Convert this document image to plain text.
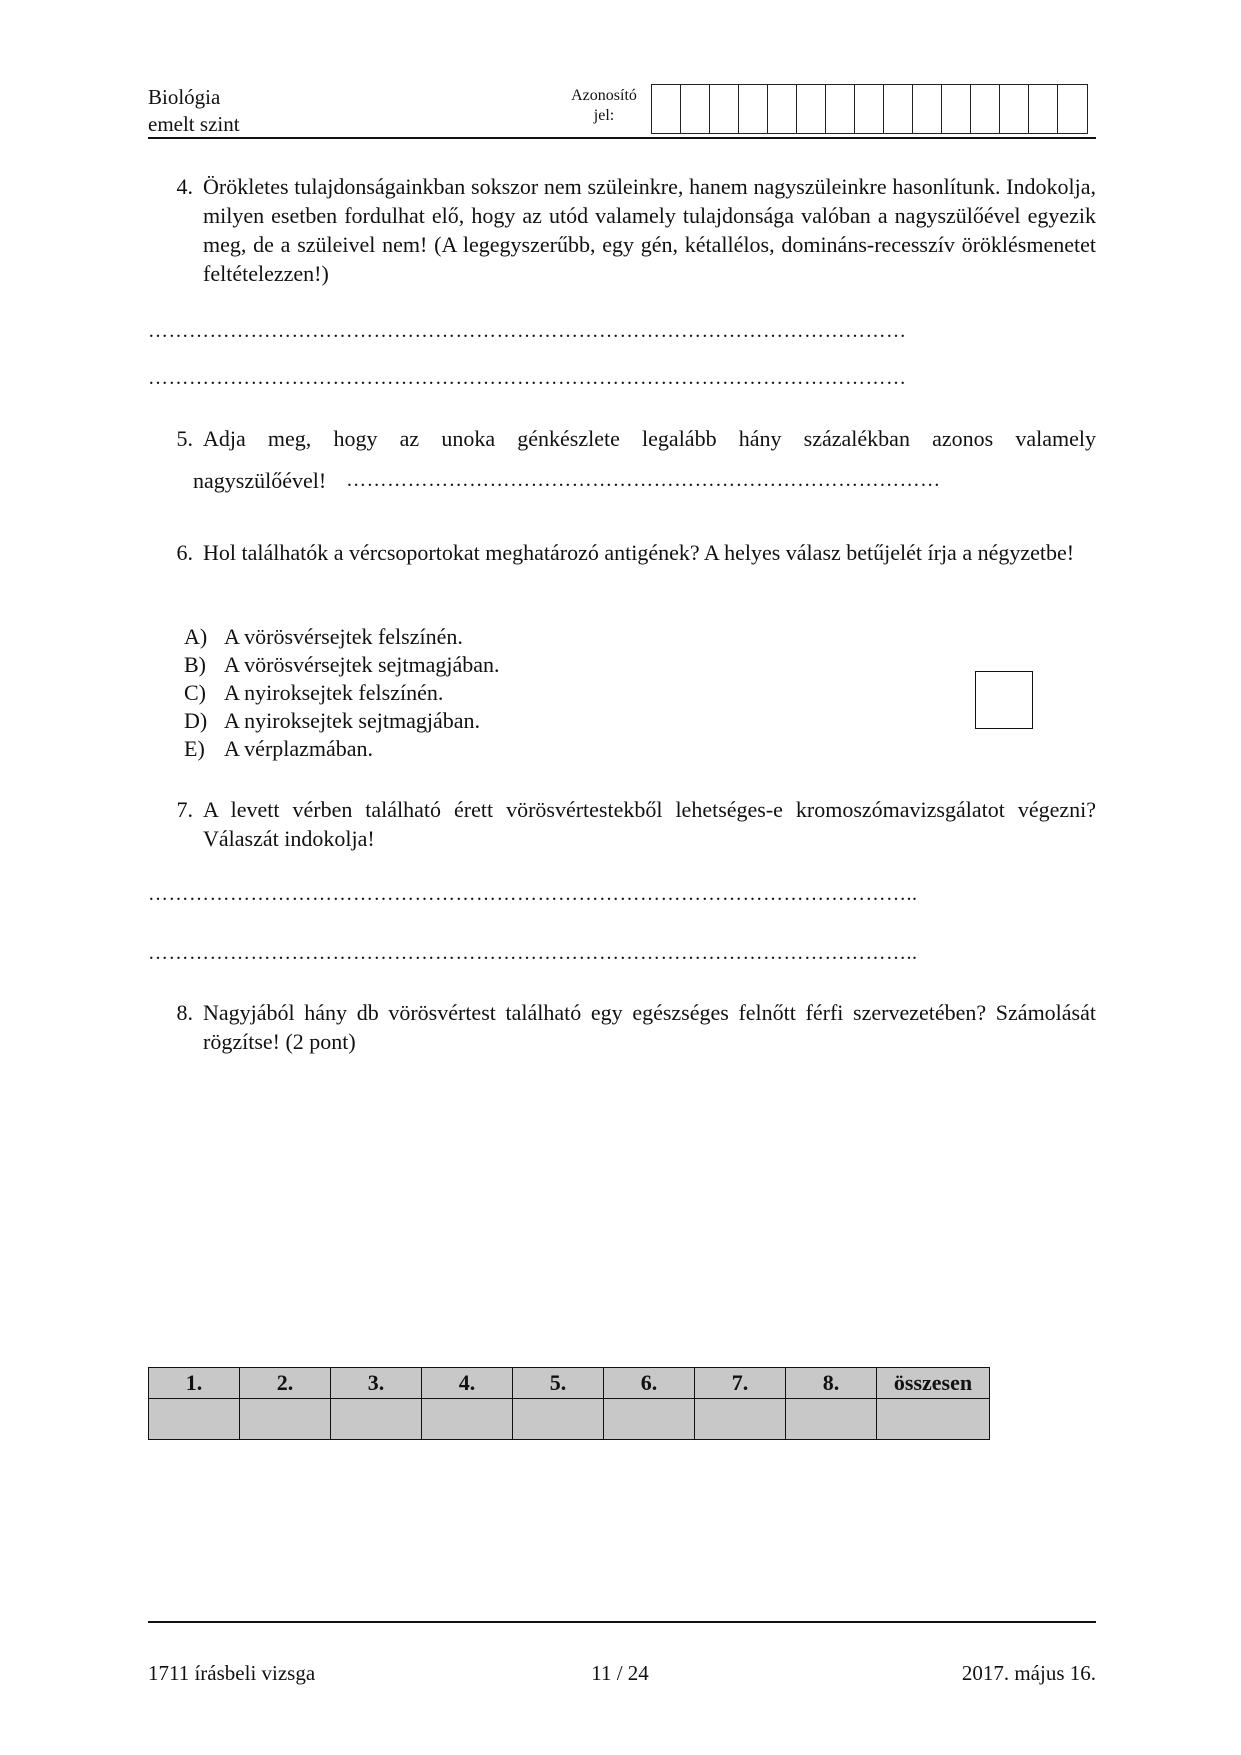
Biológia
emelt szint
Azonosító
jel:
4. Örökletes tulajdonságainkban sokszor nem szüleinkre, hanem nagyszüleinkre hasonlítunk. Indokolja, milyen esetben fordulhat elő, hogy az utód valamely tulajdonsága valóban a nagyszülőével egyezik meg, de a szüleivel nem! (A legegyszerűbb, egy gén, kétallélos, domináns-recesszív öröklésmenetet feltételezzen!)
…………………………………………………………………………………………………
…………………………………………………………………………………………………
5. Adja meg, hogy az unoka génkészlete legalább hány százalékban azonos valamely
nagyszülőével! ……………………………………………………………………………
6. Hol találhatók a vércsoportokat meghatározó antigének? A helyes válasz betűjelét írja a négyzetbe!
A) A vörösvérsejtek felszínén.
B) A vörösvérsejtek sejtmagjában.
C) A nyiroksejtek felszínén.
D) A nyiroksejtek sejtmagjában.
E) A vérplazmában.
7. A levett vérben található érett vörösvértestekből lehetséges-e kromoszómavizsgálatot végezni? Válaszát indokolja!
…………………………………………………………………………………………………..
…………………………………………………………………………………………………..
8. Nagyjából hány db vörösvértest található egy egészséges felnőtt férfi szervezetében? Számolását rögzítse! (2 pont)
1.	2.	3.	4.	5.	6.	7.	8.	összesen

1711 írásbeli vizsga	11 / 24	2017. május 16.
